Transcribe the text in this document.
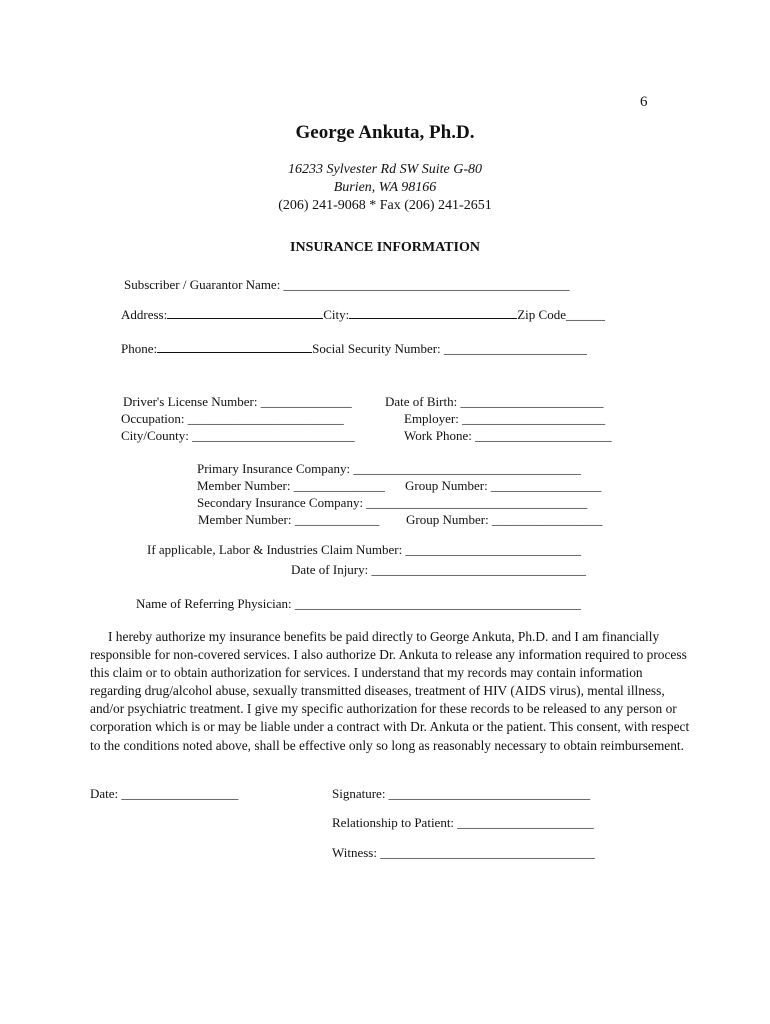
6
George Ankuta, Ph.D.
16233 Sylvester Rd SW Suite G-80
Burien, WA 98166
(206) 241-9068 * Fax (206) 241-2651
INSURANCE INFORMATION
Subscriber / Guarantor Name: ____________________________________________
Address:	City:	Zip Code______
Phone:	Social Security Number: ______________________
Driver's License Number: ______________	Date of Birth: ______________________
Occupation: ________________________	Employer: ______________________
City/County: _________________________	Work Phone: _____________________
Primary Insurance Company: ___________________________________
Member Number: ______________ Group Number: _________________
Secondary Insurance Company: __________________________________
Member Number: _____________ Group Number: _________________
If applicable, Labor & Industries Claim Number: ___________________________
Date of Injury: _________________________________
Name of Referring Physician: ____________________________________________
I hereby authorize my insurance benefits be paid directly to George Ankuta, Ph.D. and I am financially responsible for non-covered services. I also authorize Dr. Ankuta to release any information required to process this claim or to obtain authorization for services. I understand that my records may contain information regarding drug/alcohol abuse, sexually transmitted diseases, treatment of HIV (AIDS virus), mental illness, and/or psychiatric treatment. I give my specific authorization for these records to be released to any person or corporation which is or may be liable under a contract with Dr. Ankuta or the patient. This consent, with respect to the conditions noted above, shall be effective only so long as reasonably necessary to obtain reimbursement.
Date: __________________	Signature: _______________________________
Relationship to Patient: _____________________
Witness: _________________________________
